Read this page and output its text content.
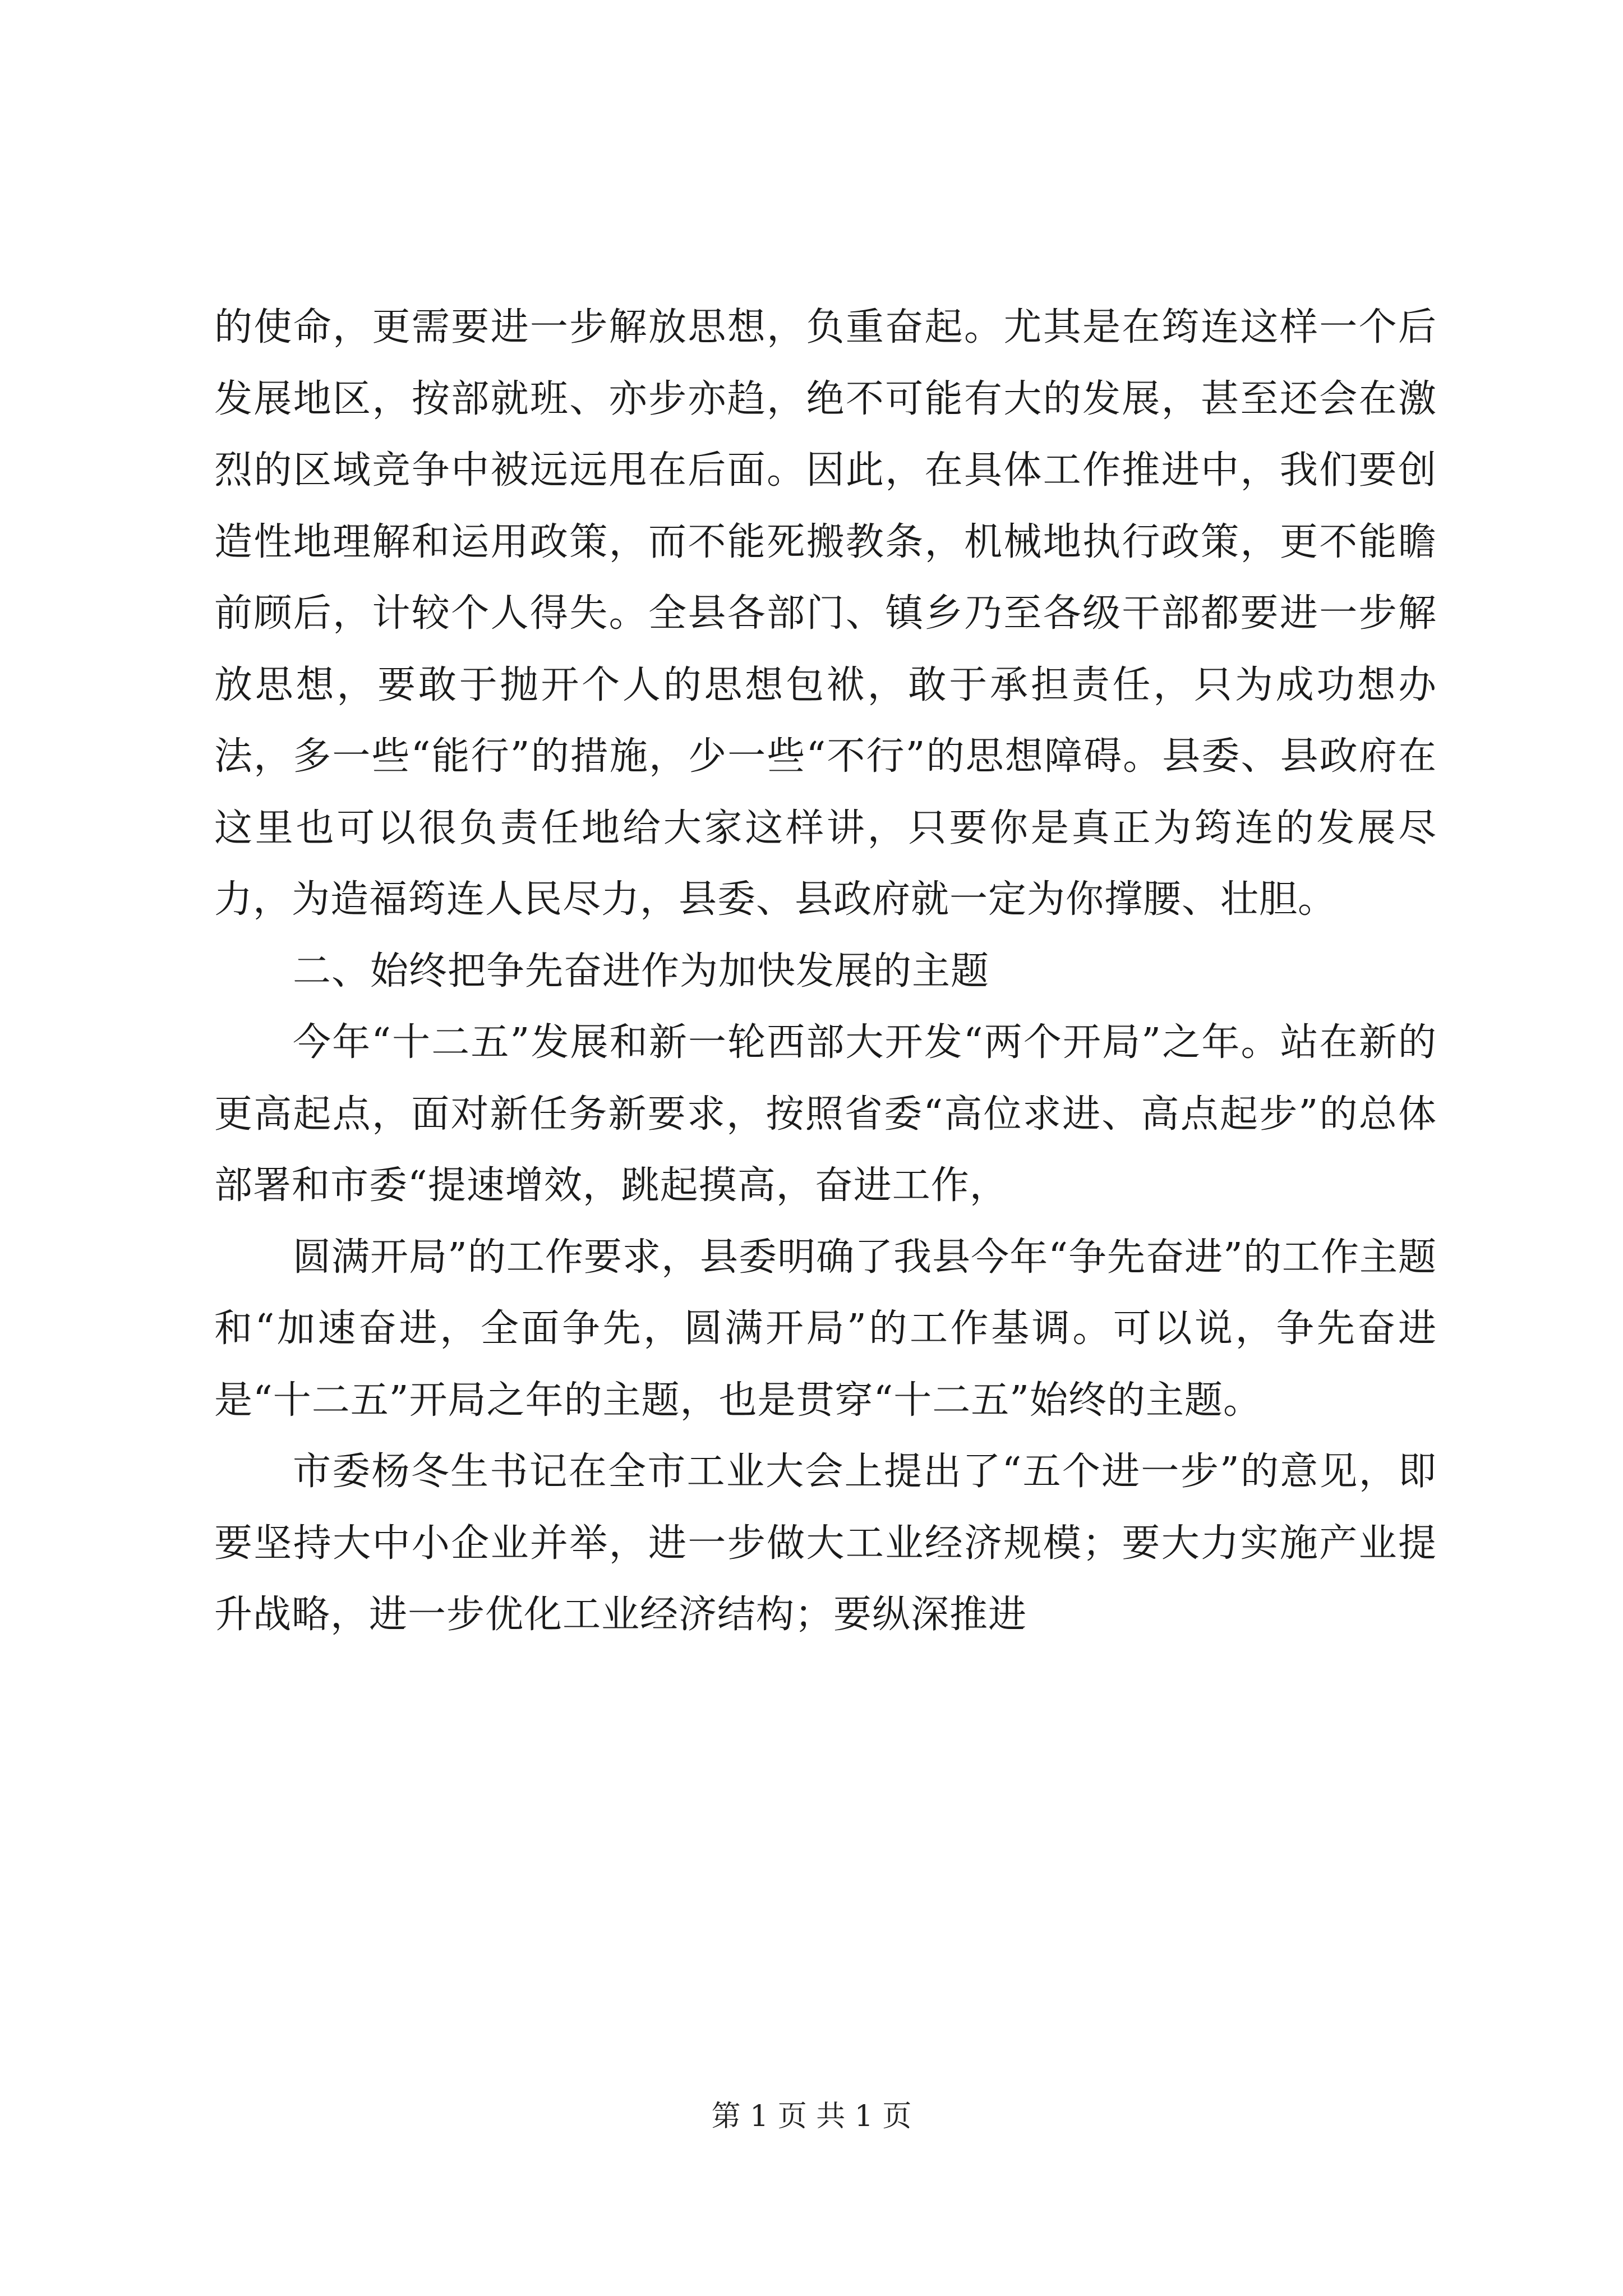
的使命，更需要进一步解放思想，负重奋起。尤其是在筠连这样一个后发展地区，按部就班、亦步亦趋，绝不可能有大的发展，甚至还会在激烈的区域竞争中被远远甩在后面。因此，在具体工作推进中，我们要创造性地理解和运用政策，而不能死搬教条，机械地执行政策，更不能瞻前顾后，计较个人得失。全县各部门、镇乡乃至各级干部都要进一步解放思想，要敢于抛开个人的思想包袱，敢于承担责任，只为成功想办法，多一些“能行”的措施，少一些“不行”的思想障碍。县委、县政府在这里也可以很负责任地给大家这样讲，只要你是真正为筠连的发展尽力，为造福筠连人民尽力，县委、县政府就一定为你撑腰、壮胆。

二、始终把争先奋进作为加快发展的主题

今年“十二五”发展和新一轮西部大开发“两个开局”之年。站在新的更高起点，面对新任务新要求，按照省委“高位求进、高点起步”的总体部署和市委“提速增效，跳起摸高，奋进工作，

圆满开局”的工作要求，县委明确了我县今年“争先奋进”的工作主题和“加速奋进，全面争先，圆满开局”的工作基调。可以说，争先奋进是“十二五”开局之年的主题，也是贯穿“十二五”始终的主题。

市委杨冬生书记在全市工业大会上提出了“五个进一步”的意见，即要坚持大中小企业并举，进一步做大工业经济规模；要大力实施产业提升战略，进一步优化工业经济结构；要纵深推进

第 1 页 共 1 页
